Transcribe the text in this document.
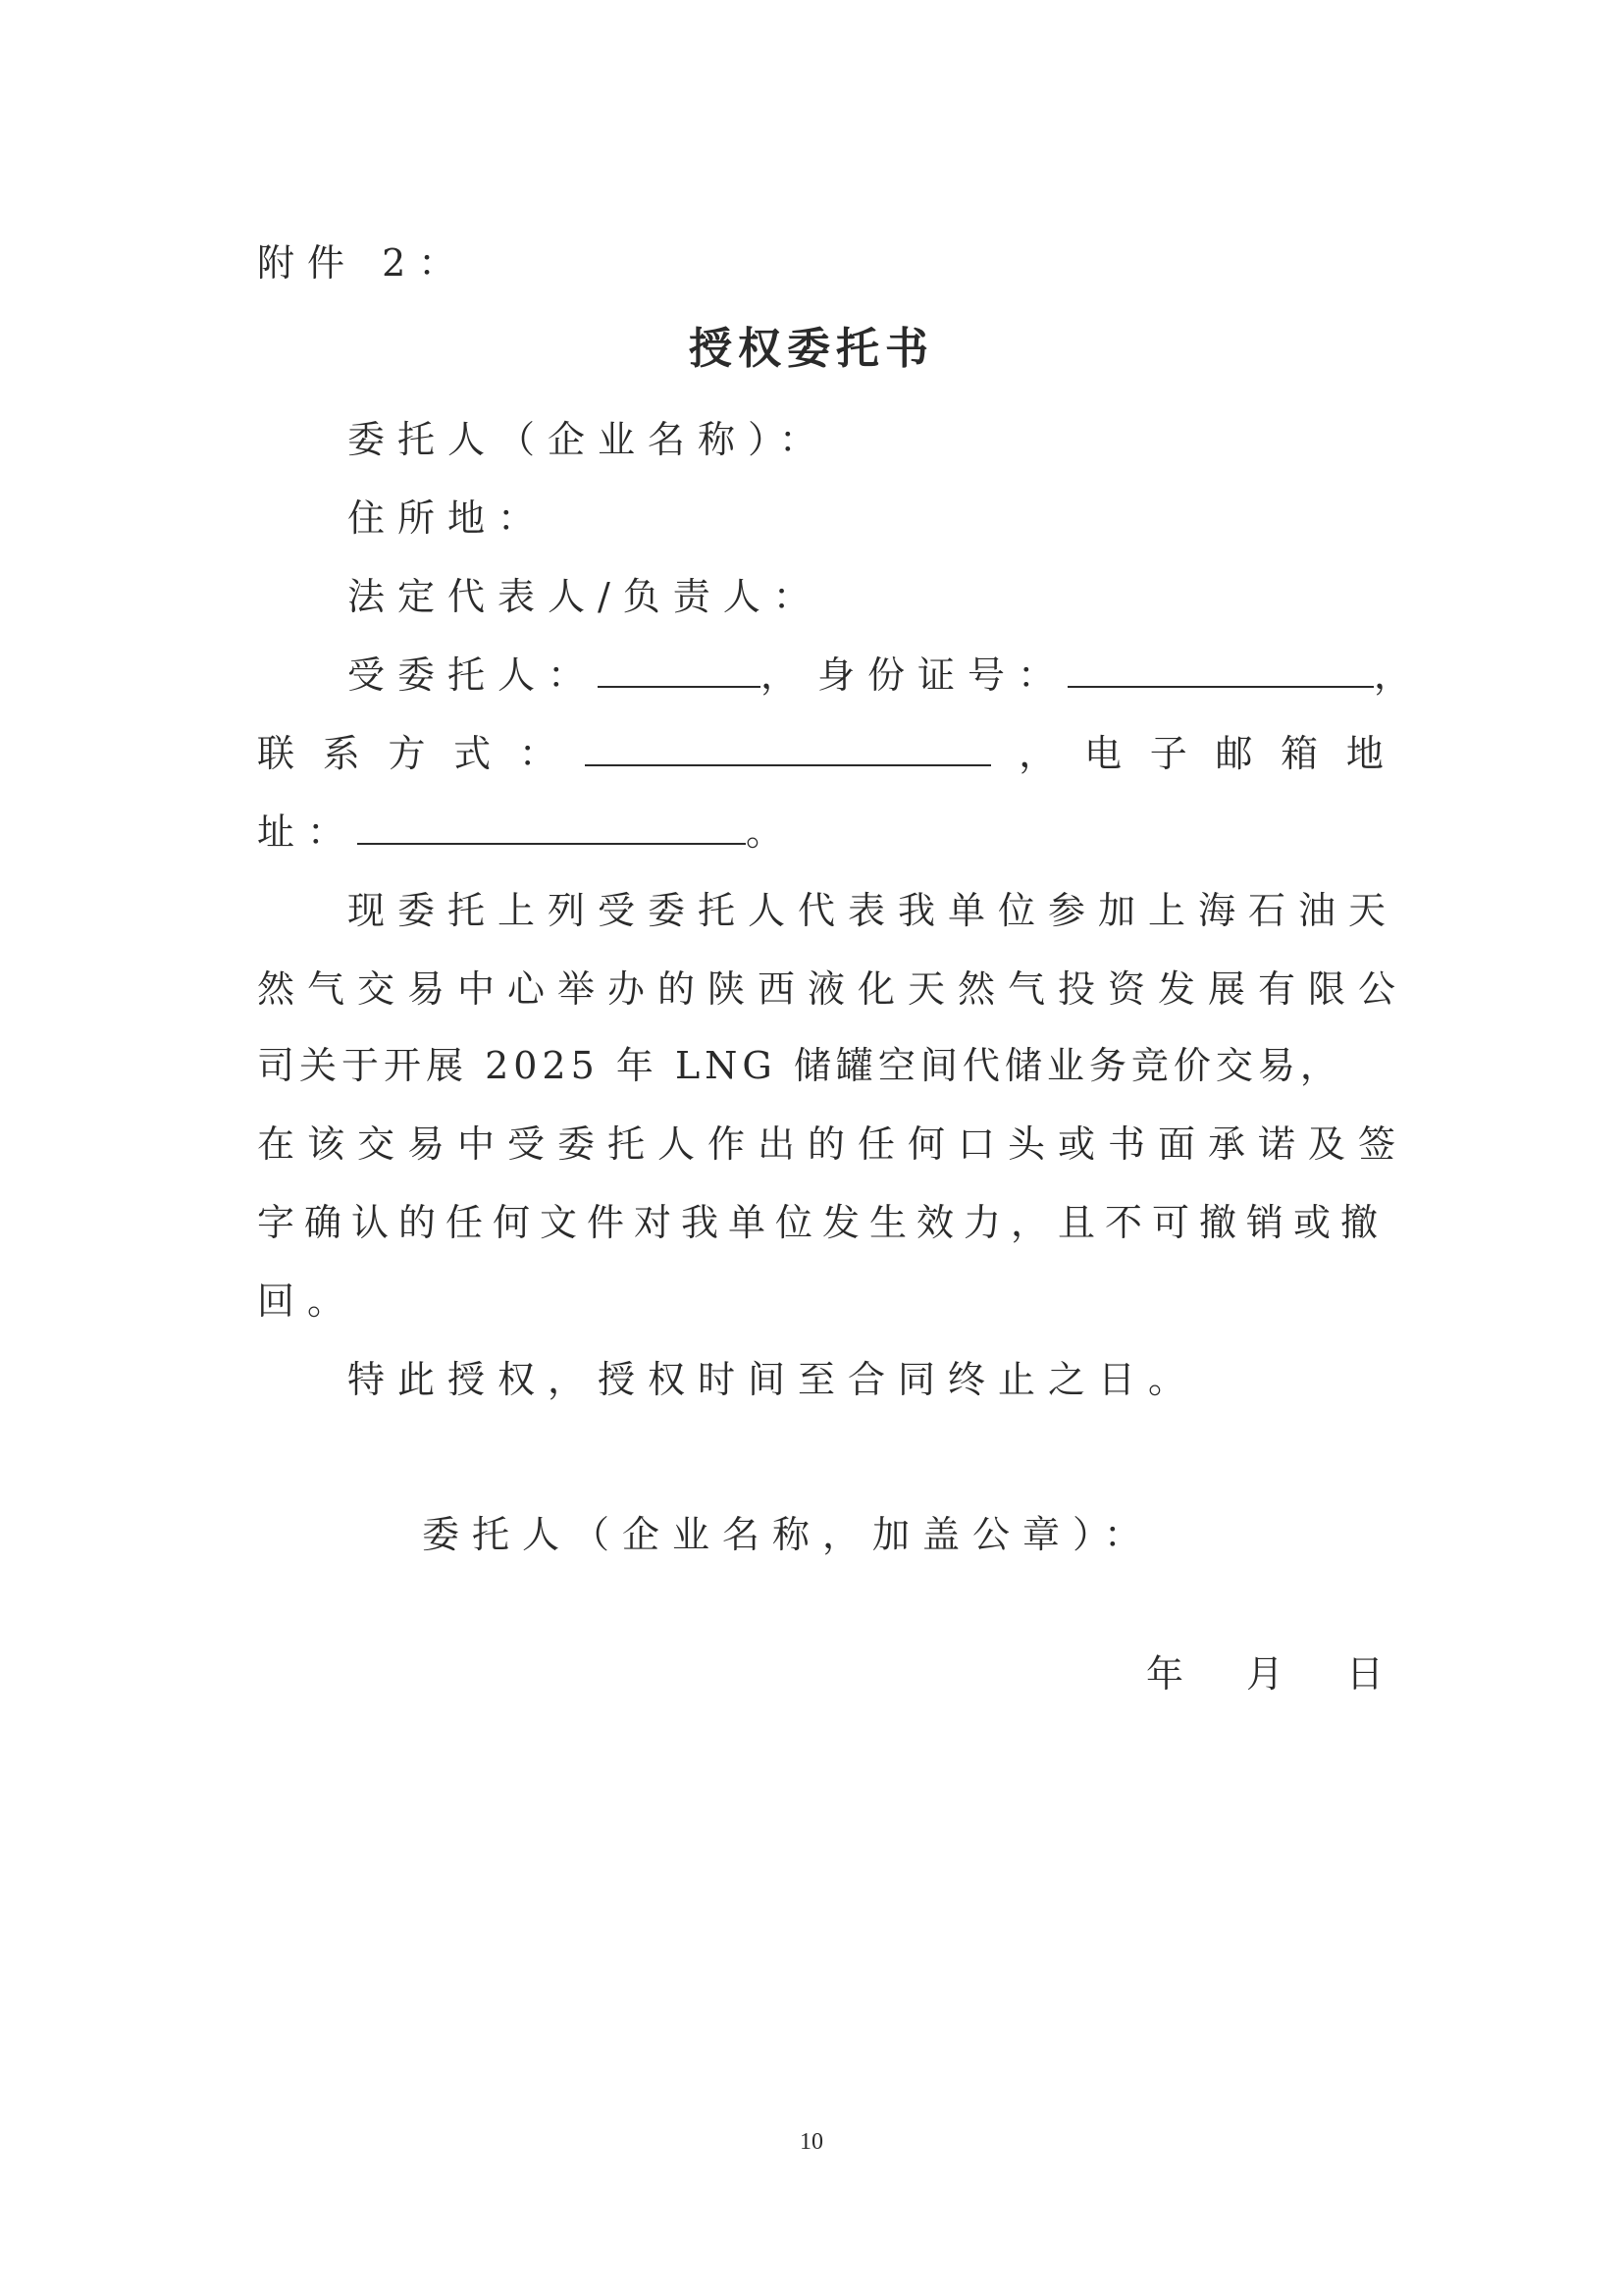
附件 2：
授权委托书
委托人（企业名称）：
住所地：
法定代表人/负责人：
受委托人：	， 身份证号：	，
联 系 方 式 ：	， 电 子 邮 箱 地
址：	。
现委托上列受委托人代表我单位参加上海石油天
然气交易中心举办的陕西液化天然气投资发展有限公
司关于开展 2025 年 LNG 储罐空间代储业务竞价交易，
在该交易中受委托人作出的任何口头或书面承诺及签
字确认的任何文件对我单位发生效力，且不可撤销或撤
回。
特此授权，授权时间至合同终止之日。
委托人（企业名称，加盖公章）：
年 月 日
10
